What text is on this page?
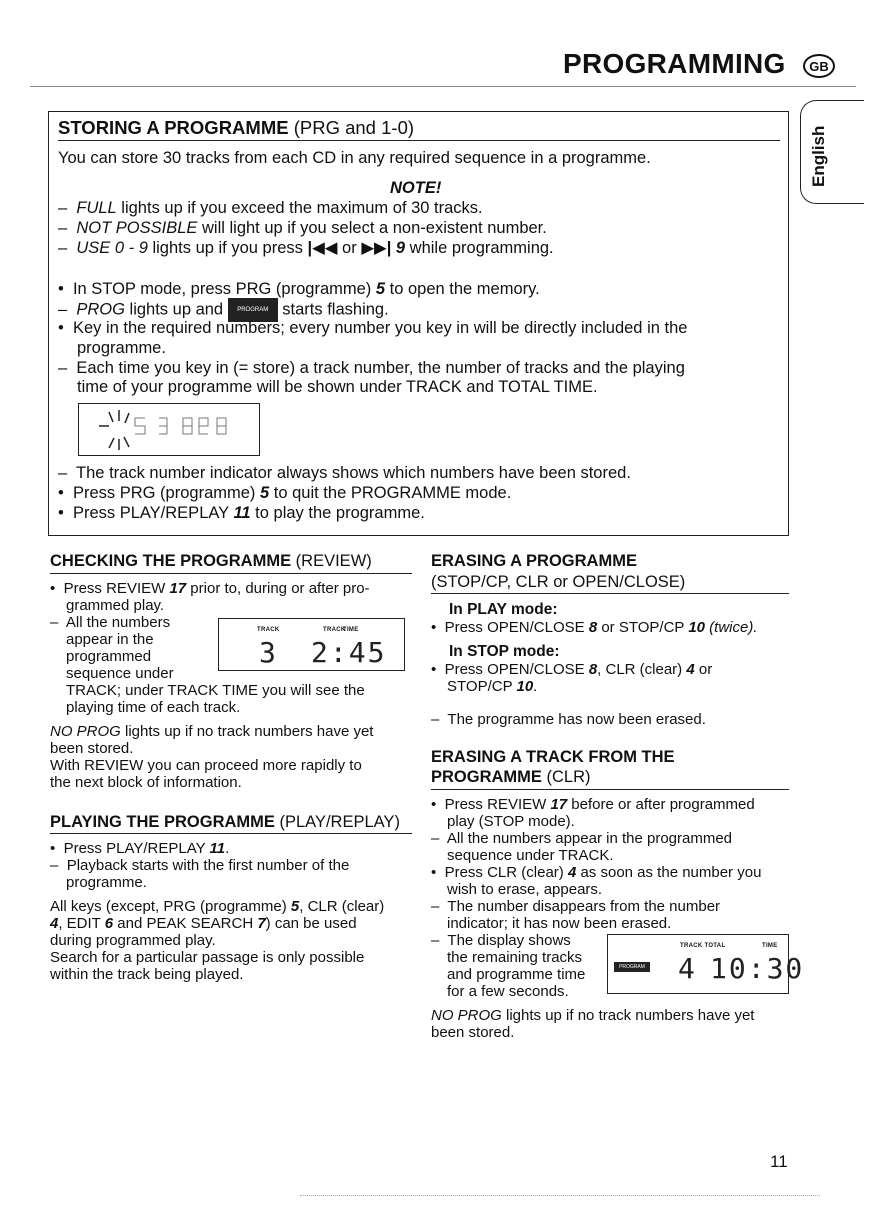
PROGRAMMING	GB
English
STORING A PROGRAMME (PRG and 1-0)
You can store 30 tracks from each CD in any required sequence in a programme.
NOTE!
–  FULL lights up if you exceed the maximum of 30 tracks.
–  NOT POSSIBLE will light up if you select a non-existent number.
–  USE 0 - 9 lights up if you press |◀◀ or ▶▶| 9 while programming.
•  In STOP mode, press PRG (programme) 5 to open the memory.
–  PROG lights up and PROGRAM starts flashing.
•  Key in the required numbers; every number you key in will be directly included in the
programme.
–  Each time you key in (= store) a track number, the number of tracks and the playing
time of your programme will be shown under TRACK and TOTAL TIME.
–  The track number indicator always shows which numbers have been stored.
•  Press PRG (programme) 5 to quit the PROGRAMME mode.
•  Press PLAY/REPLAY 11 to play the programme.
CHECKING THE PROGRAMME (REVIEW)
•  Press REVIEW 17 prior to, during or after pro-
grammed play.
–  All the numbers
appear in the
programmed
sequence under
TRACK	TRACK
TIME
3 2:45
TRACK; under TRACK TIME you will see the
playing time of each track.
NO PROG lights up if no track numbers have yet
been stored.
With REVIEW you can proceed more rapidly to
the next block of information.
PLAYING THE PROGRAMME (PLAY/REPLAY)
•  Press PLAY/REPLAY 11.
–  Playback starts with the first number of the
programme.
All keys (except, PRG (programme) 5, CLR (clear)
4, EDIT 6 and PEAK SEARCH 7) can be used
during programmed play.
Search for a particular passage is only possible
within the track being played.
ERASING A PROGRAMME
(STOP/CP, CLR or OPEN/CLOSE)
In PLAY mode:
•  Press OPEN/CLOSE 8 or STOP/CP 10 (twice).
In STOP mode:
•  Press OPEN/CLOSE 8, CLR (clear) 4 or
STOP/CP 10.
–  The programme has now been erased.
ERASING A TRACK FROM THE
PROGRAMME (CLR)
•  Press REVIEW 17 before or after programmed
play (STOP mode).
–  All the numbers appear in the programmed
sequence under TRACK.
•  Press CLR (clear) 4 as soon as the number you
wish to erase, appears.
–  The number disappears from the number
indicator; it has now been erased.
–  The display shows
the remaining tracks
and programme time
for a few seconds.
TRACK TOTAL	TIME
PROGRAM 4 10:30
NO PROG lights up if no track numbers have yet
been stored.
11
